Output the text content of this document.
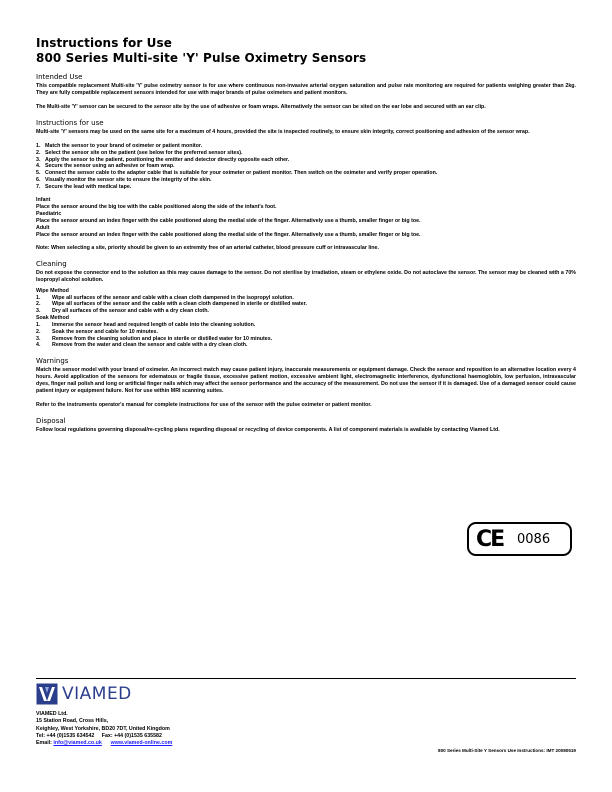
Instructions for Use
800 Series Multi-site 'Y' Pulse Oximetry Sensors
Intended Use

This compatible replacement Multi-site 'Y' pulse oximetry sensor is for use where continuous non-invasive arterial oxygen saturation and pulse rate monitoring are required for patients weighing greater than 2kg. They are fully compatible replacement sensors intended for use with major brands of pulse oximeters and patient monitors.

The Multi-site 'Y' sensor can be secured to the sensor site by the use of adhesive or foam wraps. Alternatively the sensor can be sited on the ear lobe and secured with an ear clip.

Instructions for use

Multi-site 'Y' sensors may be used on the same site for a maximum of 4 hours, provided the site is inspected routinely, to ensure skin integrity, correct positioning and adhesion of the sensor wrap.

1. Match the sensor to your brand of oximeter or patient monitor.
2. Select the sensor site on the patient (see below for the preferred sensor sites).
3. Apply the sensor to the patient, positioning the emitter and detector directly opposite each other.
4. Secure the sensor using an adhesive or foam wrap.
5. Connect the sensor cable to the adapter cable that is suitable for your oximeter or patient monitor. Then switch on the oximeter and verify proper operation.
6. Visually monitor the sensor site to ensure the integrity of the skin.
7. Secure the lead with medical tape.
Infant

Place the sensor around the big toe with the cable positioned along the side of the infant's foot.

Paediatric

Place the sensor around an index finger with the cable positioned along the medial side of the finger. Alternatively use a thumb, smaller finger or big toe.

Adult

Place the sensor around an index finger with the cable positioned along the medial side of the finger. Alternatively use a thumb, smaller finger or big toe.

Note: When selecting a site, priority should be given to an extremity free of an arterial catheter, blood pressure cuff or intravascular line.

Cleaning

Do not expose the connector end to the solution as this may cause damage to the sensor. Do not sterilise by irradiation, steam or ethylene oxide. Do not autoclave the sensor. The sensor may be cleaned with a 70% Isopropyl alcohol solution.

Wipe Method
1.	Wipe all surfaces of the sensor and cable with a clean cloth dampened in the isopropyl solution.
2.	Wipe all surfaces of the sensor and the cable with a clean cloth dampened in sterile or distilled water.
3.	Dry all surfaces of the sensor and cable with a dry clean cloth.
Soak Method
1.	Immerse the sensor head and required length of cable into the cleaning solution.
2.	Soak the sensor and cable for 10 minutes.
3.	Remove from the cleaning solution and place in sterile or distilled water for 10 minutes.
4.	Remove from the water and clean the sensor and cable with a dry clean cloth.
Warnings

Match the sensor model with your brand of oximeter. An incorrect match may cause patient injury, inaccurate measurements or equipment damage. Check the sensor and reposition to an alternative location every 4 hours. Avoid application of the sensors for edematous or fragile tissue, excessive patient motion, excessive ambient light, electromagnetic interference, dysfunctional haemoglobin, low perfusion, intravascular dyes, finger nail polish and long or artificial finger nails which may affect the sensor performance and the accuracy of the measurement. Do not use the sensor if it is damaged. Use of a damaged sensor could cause patient injury or equipment failure. Not for use within MRI scanning suites.

Refer to the instruments operator's manual for complete instructions for use of the sensor with the pulse oximeter or patient monitor.

Disposal

Follow local regulations governing disposal/re-cycling plans regarding disposal or recycling of device components. A list of component materials is available by contacting Viamed Ltd.

CE 0086
VIAMED
VIAMED Ltd.
15 Station Road, Cross Hills,
Keighley, West Yorkshire, BD20 7DT, United Kingdom
Tel: +44 (0)1535 634542 Fax: +44 (0)1535 635582
Email: info@viamed.co.uk www.viamed-online.com
800 Series Multi-Site Y Sensors Use Instructions: IMT 20080519
